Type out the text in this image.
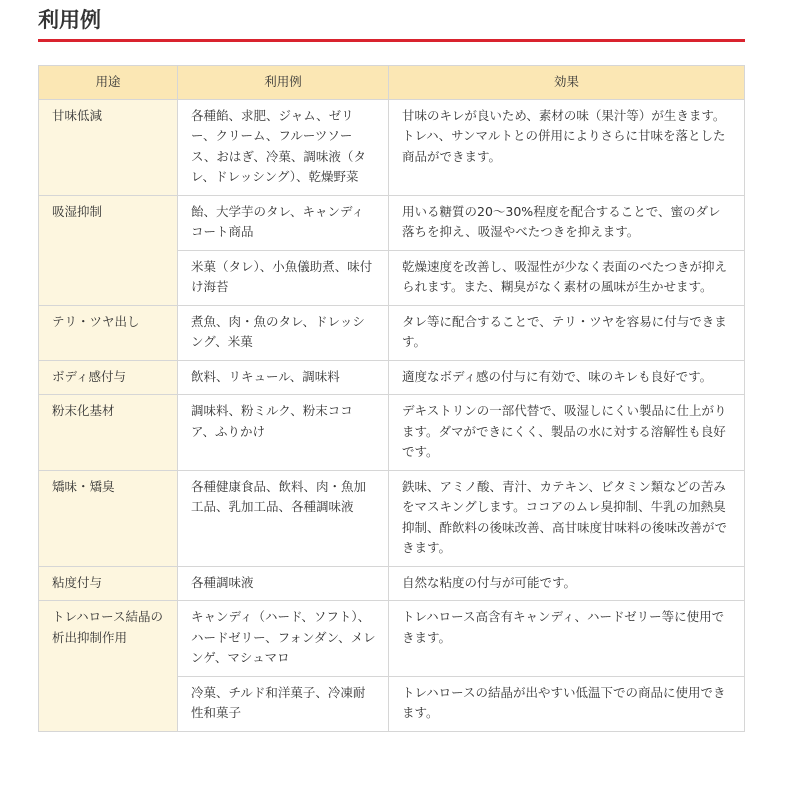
利用例
用途	利用例	効果
甘味低減	各種餡、求肥、ジャム、ゼリー、クリーム、フルーツソース、おはぎ、冷菓、調味液（タレ、ドレッシング）、乾燥野菜	甘味のキレが良いため、素材の味（果汁等）が生きます。トレハ、サンマルトとの併用によりさらに甘味を落とした商品ができます。
吸湿抑制	飴、大学芋のタレ、キャンディコート商品	用いる糖質の20～30%程度を配合することで、蜜のダレ落ちを抑え、吸湿やべたつきを抑えます。
	米菓（タレ）、小魚儀助煮、味付け海苔	乾燥速度を改善し、吸湿性が少なく表面のべたつきが抑えられます。また、糊臭がなく素材の風味が生かせます。
テリ・ツヤ出し	煮魚、肉・魚のタレ、ドレッシング、米菓	タレ等に配合することで、テリ・ツヤを容易に付与できます。
ボディ感付与	飲料、リキュール、調味料	適度なボディ感の付与に有効で、味のキレも良好です。
粉末化基材	調味料、粉ミルク、粉末ココア、ふりかけ	デキストリンの一部代替で、吸湿しにくい製品に仕上がります。ダマができにくく、製品の水に対する溶解性も良好です。
矯味・矯臭	各種健康食品、飲料、肉・魚加工品、乳加工品、各種調味液	鉄味、アミノ酸、青汁、カテキン、ビタミン類などの苦みをマスキングします。ココアのムレ臭抑制、牛乳の加熱臭抑制、酢飲料の後味改善、高甘味度甘味料の後味改善ができます。
粘度付与	各種調味液	自然な粘度の付与が可能です。
トレハロース結晶の析出抑制作用	キャンディ（ハード、ソフト）、ハードゼリー、フォンダン、メレンゲ、マシュマロ	トレハロース高含有キャンディ、ハードゼリー等に使用できます。
	冷菓、チルド和洋菓子、冷凍耐性和菓子	トレハロースの結晶が出やすい低温下での商品に使用できます。
